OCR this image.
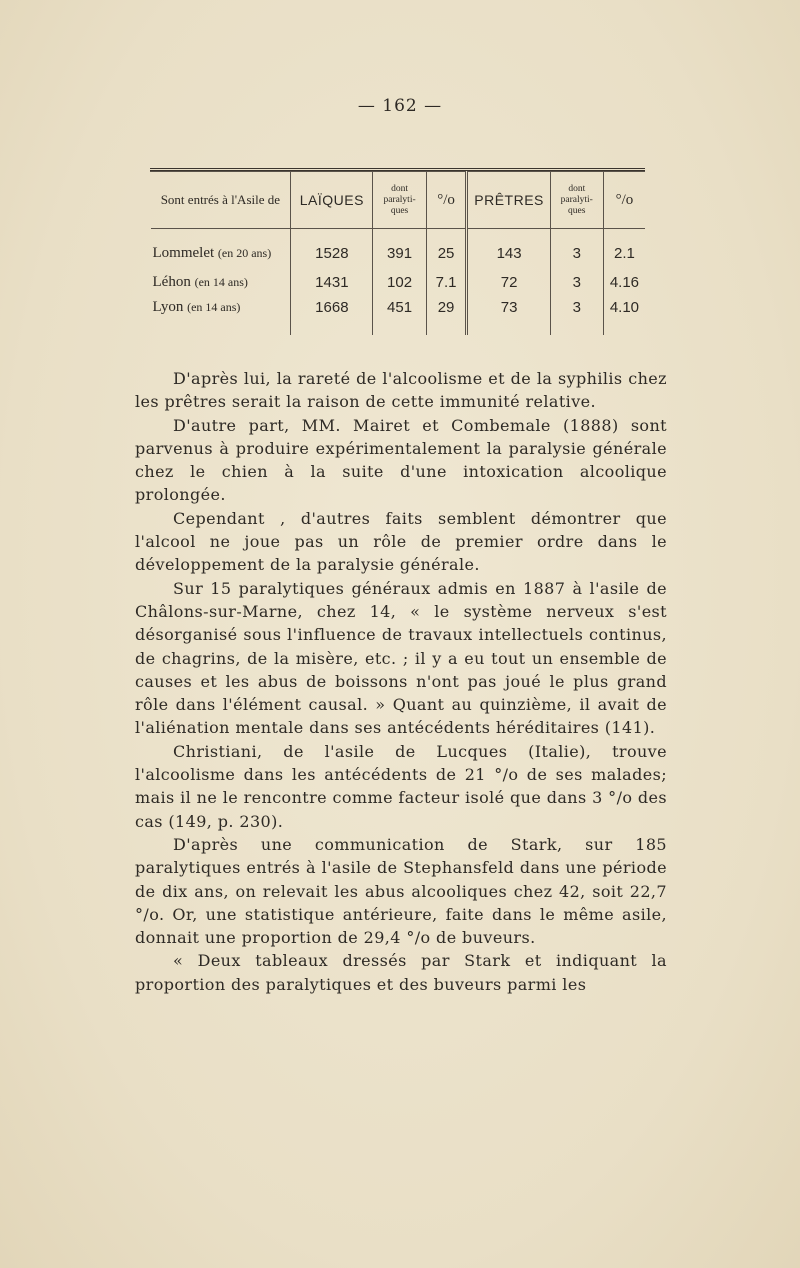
— 162 —

Sont entrés à l'Asile de	LAÏQUES	dont paralyti-ques	°/o	PRÊTRES	dont paralyti-ques	°/o
Lommelet (en 20 ans)	1528	391	25	143	3	2.1
Léhon (en 14 ans)	1431	102	7.1	72	3	4.16
Lyon (en 14 ans)	1668	451	29	73	3	4.10

D'après lui, la rareté de l'alcoolisme et de la syphilis chez les prêtres serait la raison de cette immunité relative.

D'autre part, MM. Mairet et Combemale (1888) sont parvenus à produire expérimentalement la paralysie générale chez le chien à la suite d'une intoxication alcoolique prolongée.

Cependant , d'autres faits semblent démontrer que l'alcool ne joue pas un rôle de premier ordre dans le développement de la paralysie générale.

Sur 15 paralytiques généraux admis en 1887 à l'asile de Châlons-sur-Marne, chez 14, « le système nerveux s'est désorganisé sous l'influence de travaux intellectuels continus, de chagrins, de la misère, etc. ; il y a eu tout un ensemble de causes et les abus de boissons n'ont pas joué le plus grand rôle dans l'élément causal. » Quant au quinzième, il avait de l'aliénation mentale dans ses antécédents héréditaires (141).

Christiani, de l'asile de Lucques (Italie), trouve l'alcoolisme dans les antécédents de 21 °/o de ses malades; mais il ne le rencontre comme facteur isolé que dans 3 °/o des cas (149, p. 230).

D'après une communication de Stark, sur 185 paralytiques entrés à l'asile de Stephansfeld dans une période de dix ans, on relevait les abus alcooliques chez 42, soit 22,7 °/o. Or, une statistique antérieure, faite dans le même asile, donnait une proportion de 29,4 °/o de buveurs.

« Deux tableaux dressés par Stark et indiquant la proportion des paralytiques et des buveurs parmi les
